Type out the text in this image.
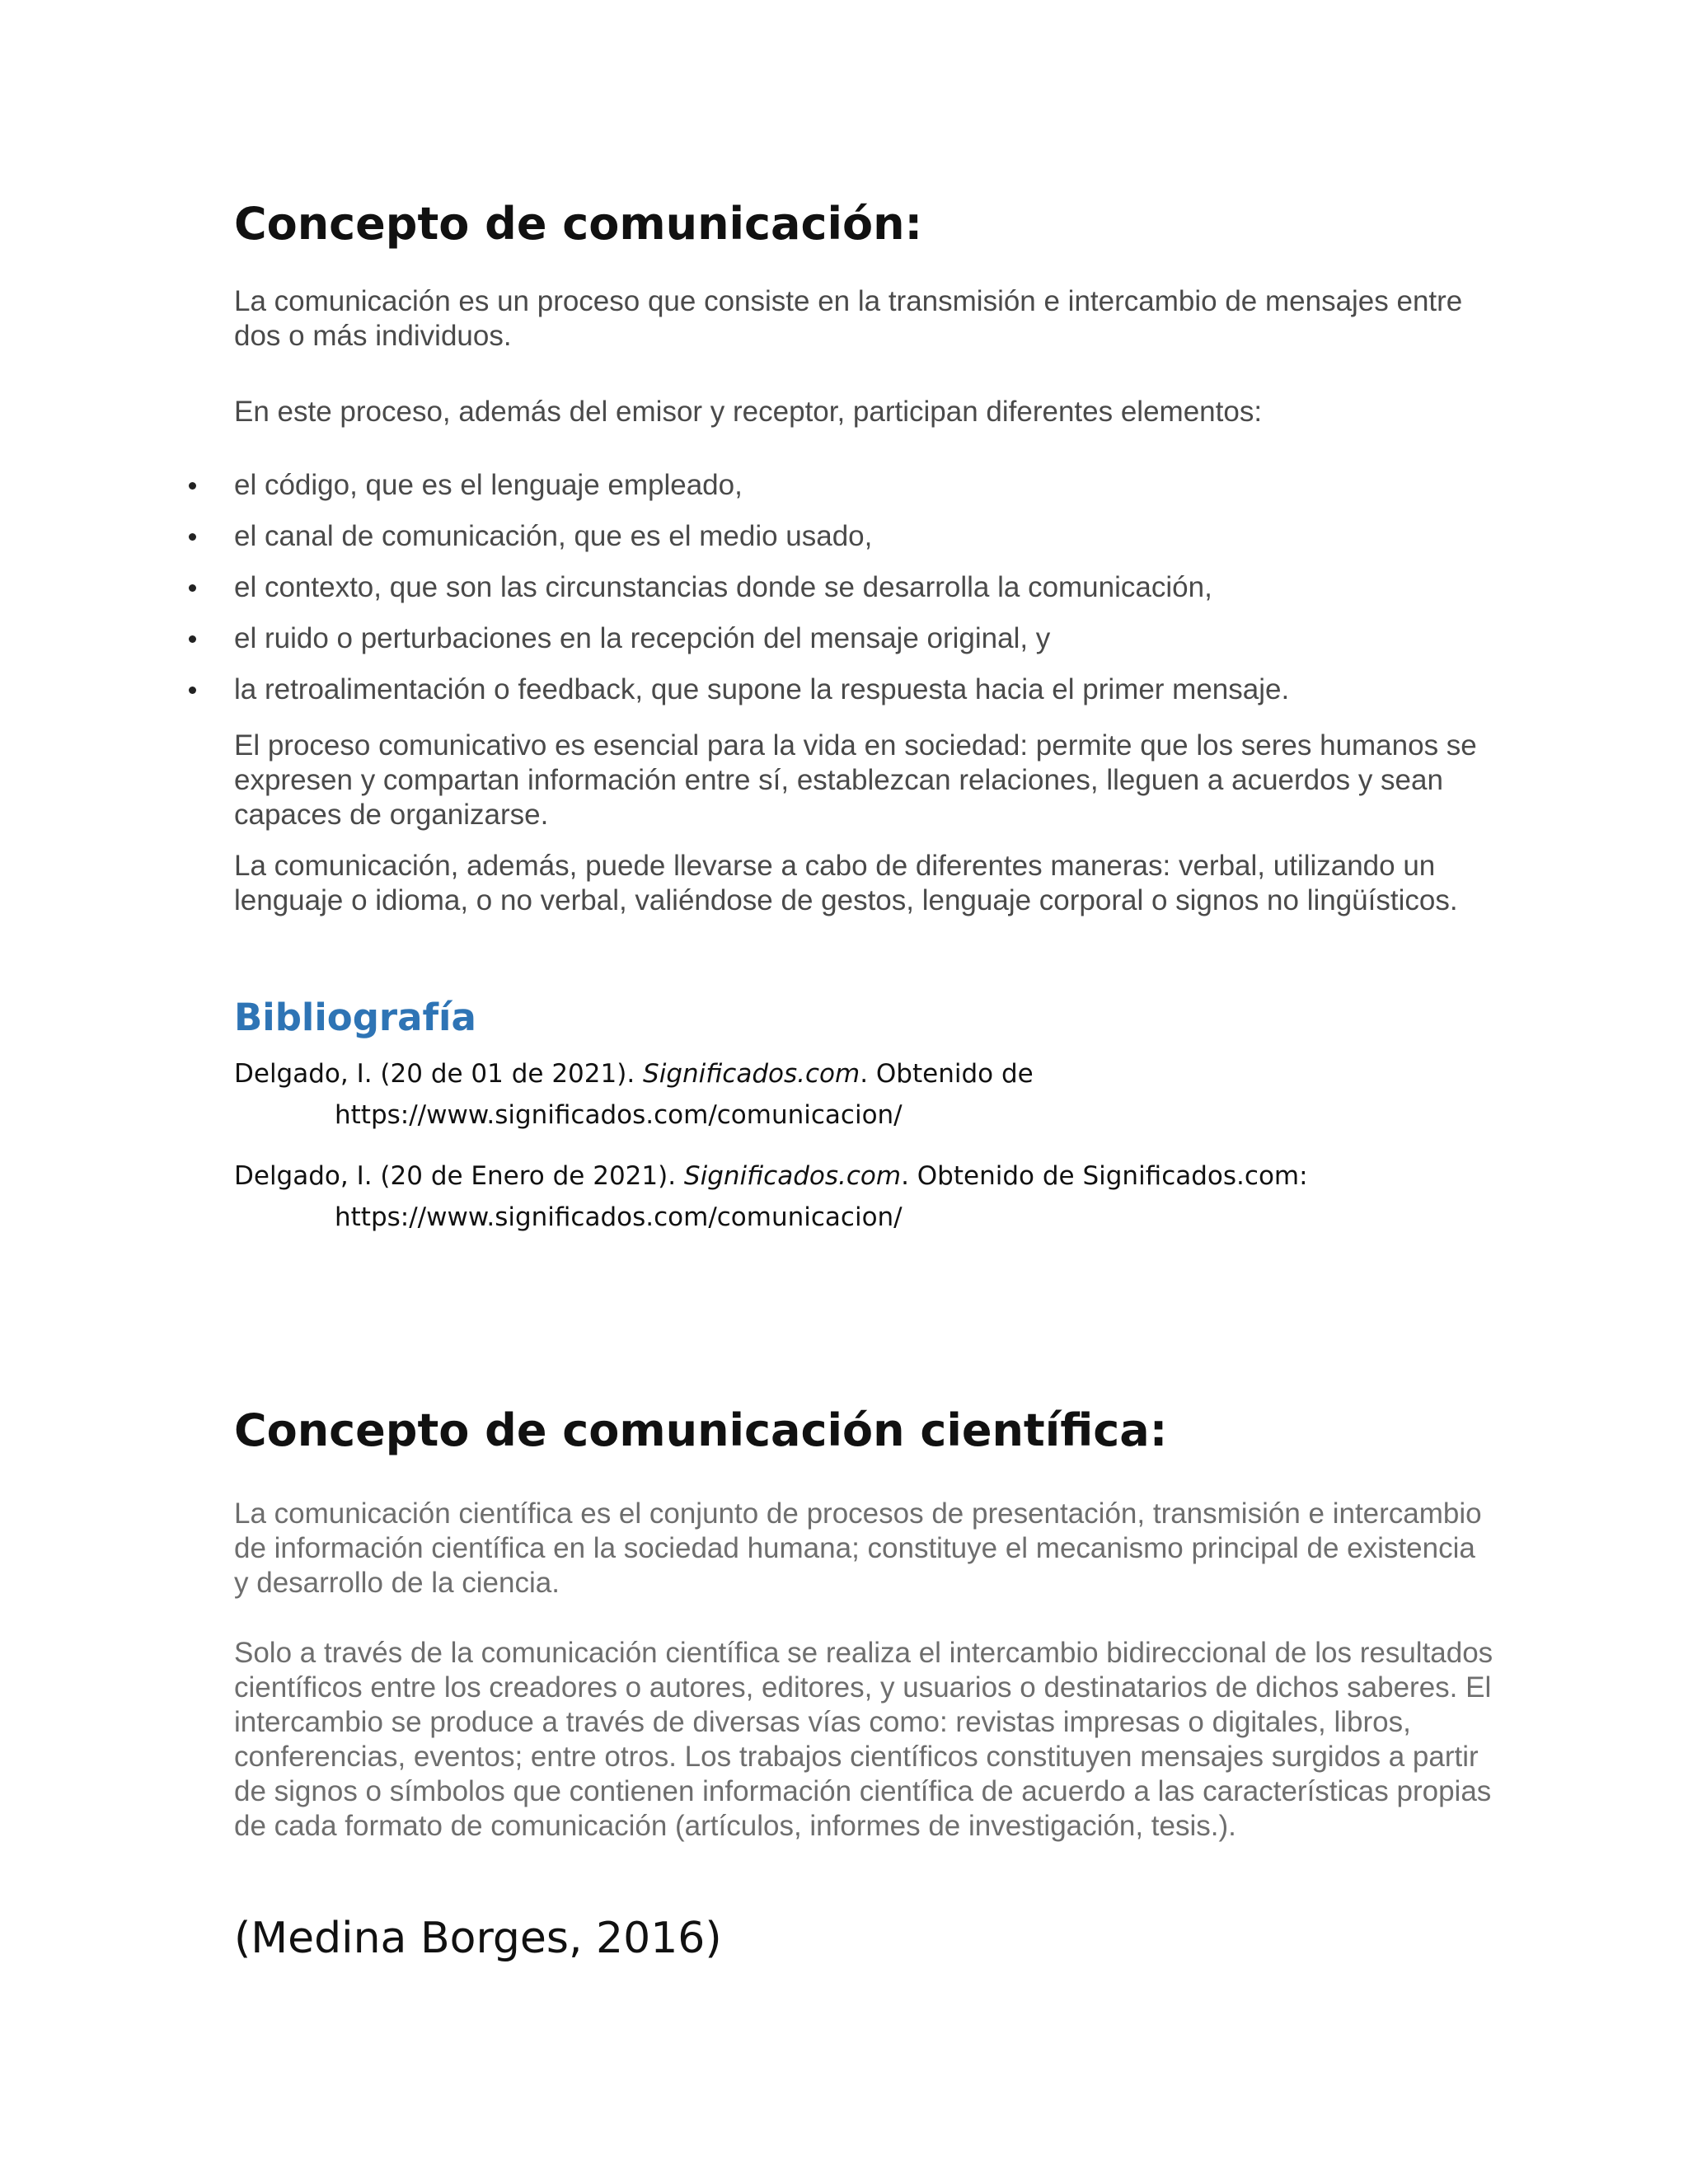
Concepto de comunicación:

La comunicación es un proceso que consiste en la transmisión e intercambio de mensajes entre dos o más individuos.

En este proceso, además del emisor y receptor, participan diferentes elementos:

el código, que es el lenguaje empleado,
el canal de comunicación, que es el medio usado,
el contexto, que son las circunstancias donde se desarrolla la comunicación,
el ruido o perturbaciones en la recepción del mensaje original, y
la retroalimentación o feedback, que supone la respuesta hacia el primer mensaje.

El proceso comunicativo es esencial para la vida en sociedad: permite que los seres humanos se expresen y compartan información entre sí, establezcan relaciones, lleguen a acuerdos y sean capaces de organizarse.

La comunicación, además, puede llevarse a cabo de diferentes maneras: verbal, utilizando un lenguaje o idioma, o no verbal, valiéndose de gestos, lenguaje corporal o signos no lingüísticos.

Bibliografía

Delgado, I. (20 de 01 de 2021). Significados.com. Obtenido de
https://www.significados.com/comunicacion/

Delgado, I. (20 de Enero de 2021). Significados.com. Obtenido de Significados.com:
https://www.significados.com/comunicacion/

Concepto de comunicación científica:

La comunicación científica es el conjunto de procesos de presentación, transmisión e intercambio de información científica en la sociedad humana; constituye el mecanismo principal de existencia y desarrollo de la ciencia.

Solo a través de la comunicación científica se realiza el intercambio bidireccional de los resultados científicos entre los creadores o autores, editores, y usuarios o destinatarios de dichos saberes. El intercambio se produce a través de diversas vías como: revistas impresas o digitales, libros, conferencias, eventos; entre otros. Los trabajos científicos constituyen mensajes surgidos a partir de signos o símbolos que contienen información científica de acuerdo a las características propias de cada formato de comunicación (artículos, informes de investigación, tesis.).

(Medina Borges, 2016)
